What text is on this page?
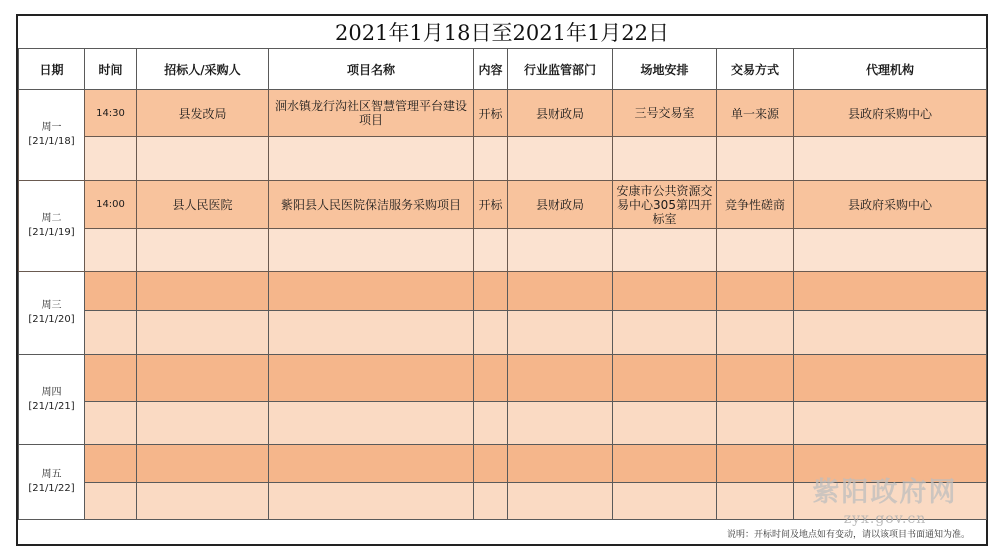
2021年1月18日至2021年1月22日
日期	时间	招标人/采购人	项目名称	内容	行业监管部门	场地安排	交易方式	代理机构

周一
[21/1/18]	14:30	县发改局	洄水镇龙行沟社区智慧管理平台建设项目	开标	县财政局	三号交易室	单一来源	县政府采购中心

周二
[21/1/19]	14:00	县人民医院	紫阳县人民医院保洁服务采购项目	开标	县财政局	安康市公共资源交易中心305第四开标室	竞争性磋商	县政府采购中心

周三
[21/1/20]								

周四
[21/1/21]								

周五
[21/1/22]								

说明：开标时间及地点如有变动，请以该项目书面通知为准。
紫阳政府网
zyx.gov.cn
